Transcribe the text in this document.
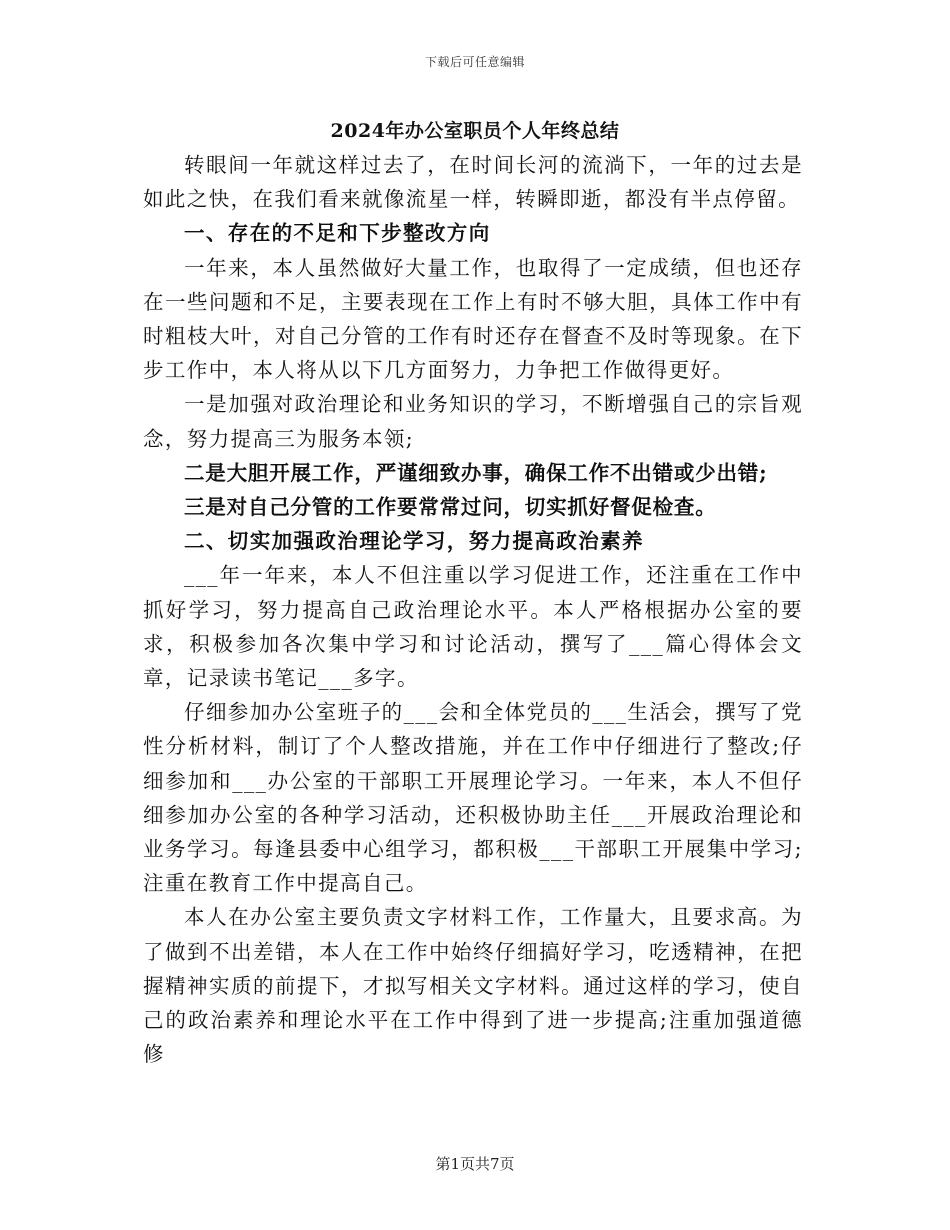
下载后可任意编辑
2024年办公室职员个人年终总结

转眼间一年就这样过去了，在时间长河的流淌下，一年的过去是如此之快，在我们看来就像流星一样，转瞬即逝，都没有半点停留。

一、存在的不足和下步整改方向

一年来，本人虽然做好大量工作，也取得了一定成绩，但也还存在一些问题和不足，主要表现在工作上有时不够大胆，具体工作中有时粗枝大叶，对自己分管的工作有时还存在督查不及时等现象。在下步工作中，本人将从以下几方面努力，力争把工作做得更好。

一是加强对政治理论和业务知识的学习，不断增强自己的宗旨观念，努力提高三为服务本领;

二是大胆开展工作，严谨细致办事，确保工作不出错或少出错;

三是对自己分管的工作要常常过问，切实抓好督促检查。

二、切实加强政治理论学习，努力提高政治素养

___年一年来，本人不但注重以学习促进工作，还注重在工作中抓好学习，努力提高自己政治理论水平。本人严格根据办公室的要求，积极参加各次集中学习和讨论活动，撰写了___篇心得体会文章，记录读书笔记___多字。

仔细参加办公室班子的___会和全体党员的___生活会，撰写了党性分析材料，制订了个人整改措施，并在工作中仔细进行了整改;仔细参加和___办公室的干部职工开展理论学习。一年来，本人不但仔细参加办公室的各种学习活动，还积极协助主任___开展政治理论和业务学习。每逢县委中心组学习，都积极___干部职工开展集中学习;注重在教育工作中提高自己。

本人在办公室主要负责文字材料工作，工作量大，且要求高。为了做到不出差错，本人在工作中始终仔细搞好学习，吃透精神，在把握精神实质的前提下，才拟写相关文字材料。通过这样的学习，使自己的政治素养和理论水平在工作中得到了进一步提高;注重加强道德修

第1页共7页
